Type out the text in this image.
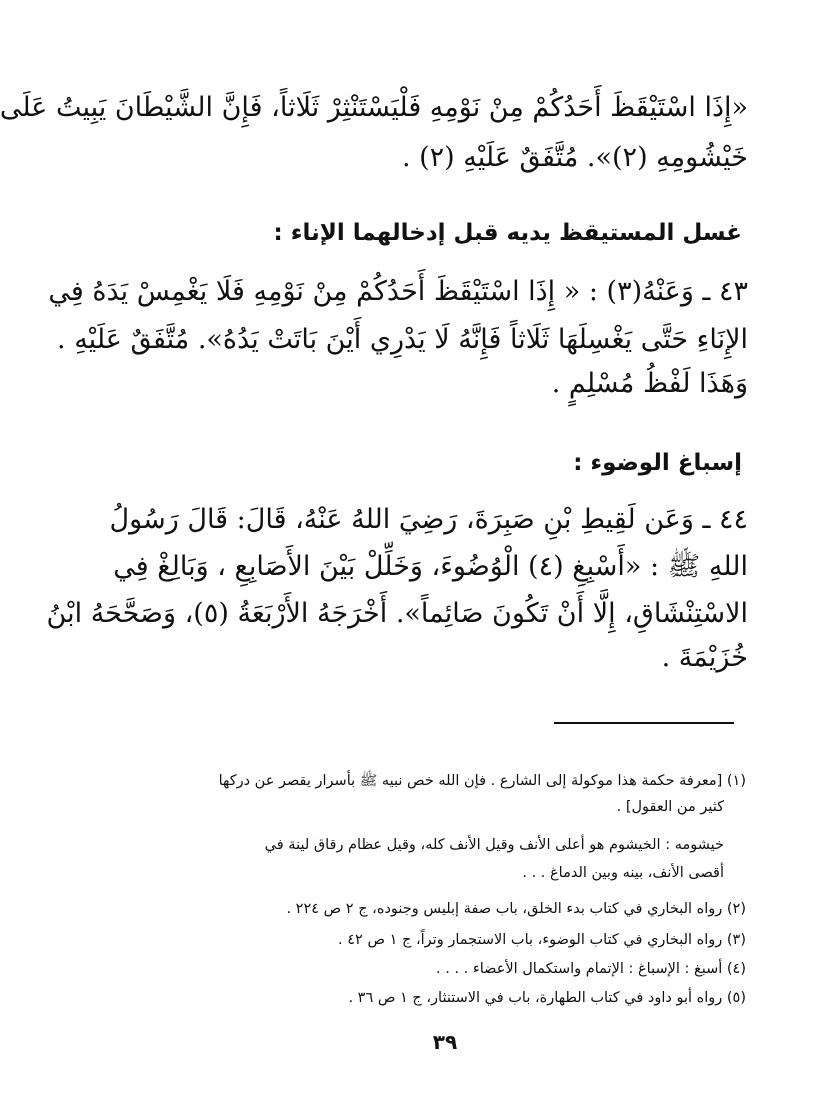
«إِذَا اسْتَيْقَظَ أَحَدُكُمْ مِنْ نَوْمِهِ فَلْيَسْتَنْثِرْ ثَلَاثاً، فَإِنَّ الشَّيْطَانَ يَبِيتُ عَلَى
خَيْشُومِهِ (٢)». مُتَّفَقٌ عَلَيْهِ (٢) .
غسل المستيقظ يديه قبل إدخالهما الإناء :
٤٣ ـ وَعَنْهُ(٣) : « إِذَا اسْتَيْقَظَ أَحَدُكُمْ مِنْ نَوْمِهِ فَلَا يَغْمِسْ يَدَهُ فِي
الإِنَاءِ حَتَّى يَغْسِلَهَا ثَلَاثاً فَإِنَّهُ لَا يَدْرِي أَيْنَ بَاتَتْ يَدُهُ». مُتَّفَقٌ عَلَيْهِ .
وَهَذَا لَفْظُ مُسْلِمٍ .
إسباغ الوضوء :
٤٤ ـ وَعَن لَقِيطِ بْنِ صَبِرَةَ، رَضِيَ اللهُ عَنْهُ، قَالَ: قَالَ رَسُولُ
اللهِ ﷺ : «أَسْبِغِ (٤) الْوُضُوءَ، وَخَلِّلْ بَيْنَ الأَصَابِعِ ، وَبَالِغْ فِي
الاسْتِنْشَاقِ، إِلَّا أَنْ تَكُونَ صَائِماً». أَخْرَجَهُ الأَرْبَعَةُ (٥)، وَصَحَّحَهُ ابْنُ
خُزَيْمَةَ .
(١) [معرفة حكمة هذا موكولة إلى الشارع . فإن الله خص نبيه ﷺ بأسرار يقصر عن دركها
كثير من العقول] .
خيشومه : الخيشوم هو أعلى الأنف وقيل الأنف كله، وقيل عظام رقاق لينة في
أقصى الأنف، بينه وبين الدماغ . . .
(٢) رواه البخاري في كتاب بدء الخلق، باب صفة إبليس وجنوده، ج ٢ ص ٢٢٤ .
(٣) رواه البخاري في كتاب الوضوء، باب الاستجمار وتراً، ج ١ ص ٤٢ .
(٤) أسبغ : الإسباغ : الإتمام واستكمال الأعضاء . . . .
(٥) رواه أبو داود في كتاب الطهارة، باب في الاستنثار، ج ١ ص ٣٦ .
٣٩
